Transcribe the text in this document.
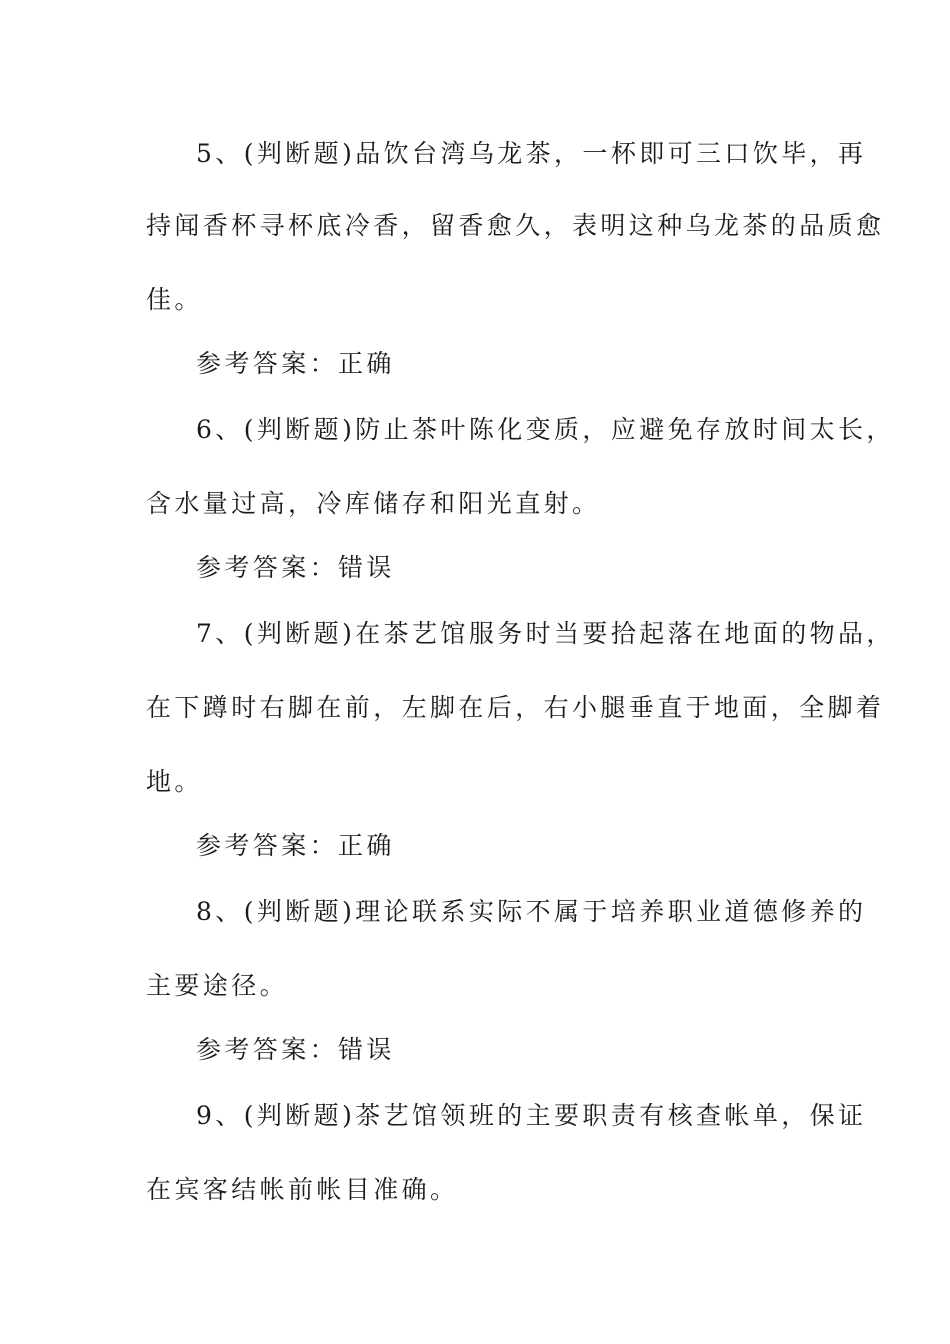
5、(判断题)品饮台湾乌龙茶，一杯即可三口饮毕，再
持闻香杯寻杯底冷香，留香愈久，表明这种乌龙茶的品质愈
佳。
参考答案：正确
6、(判断题)防止茶叶陈化变质，应避免存放时间太长，
含水量过高，冷库储存和阳光直射。
参考答案：错误
7、(判断题)在茶艺馆服务时当要拾起落在地面的物品，
在下蹲时右脚在前，左脚在后，右小腿垂直于地面，全脚着
地。
参考答案：正确
8、(判断题)理论联系实际不属于培养职业道德修养的
主要途径。
参考答案：错误
9、(判断题)茶艺馆领班的主要职责有核查帐单，保证
在宾客结帐前帐目准确。
